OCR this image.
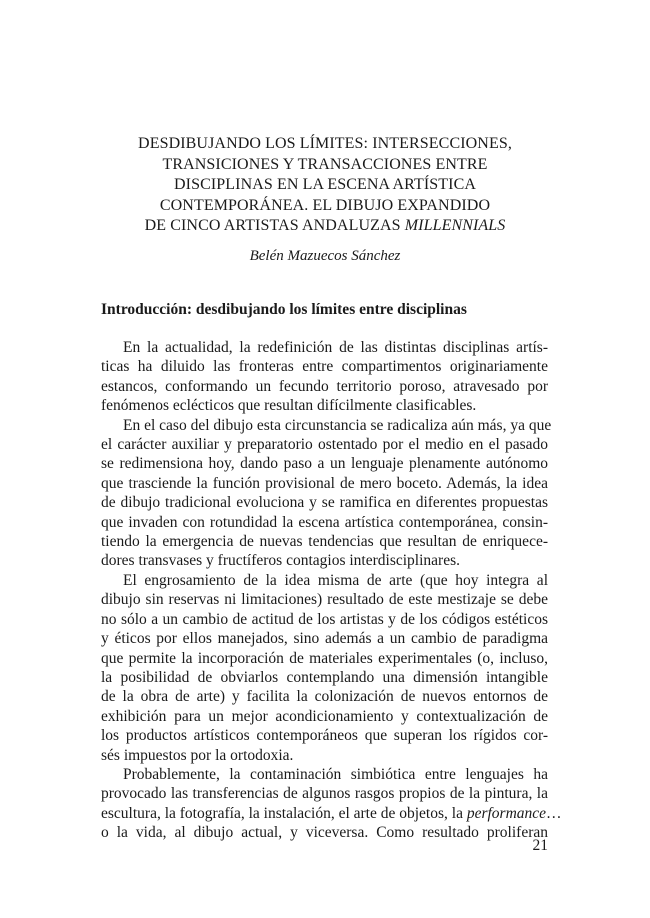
DESDIBUJANDO LOS LÍMITES: INTERSECCIONES,
TRANSICIONES Y TRANSACCIONES ENTRE
DISCIPLINAS EN LA ESCENA ARTÍSTICA
CONTEMPORÁNEA. EL DIBUJO EXPANDIDO
DE CINCO ARTISTAS ANDALUZAS MILLENNIALS
Belén Mazuecos Sánchez
Introducción: desdibujando los límites entre disciplinas

En la actualidad, la redefinición de las distintas disciplinas artís-
ticas ha diluido las fronteras entre compartimentos originariamente
estancos, conformando un fecundo territorio poroso, atravesado por
fenómenos eclécticos que resultan difícilmente clasificables.

En el caso del dibujo esta circunstancia se radicaliza aún más, ya que
el carácter auxiliar y preparatorio ostentado por el medio en el pasado
se redimensiona hoy, dando paso a un lenguaje plenamente autónomo
que trasciende la función provisional de mero boceto. Además, la idea
de dibujo tradicional evoluciona y se ramifica en diferentes propuestas
que invaden con rotundidad la escena artística contemporánea, consin-
tiendo la emergencia de nuevas tendencias que resultan de enriquece-
dores transvases y fructíferos contagios interdisciplinares.

El engrosamiento de la idea misma de arte (que hoy integra al
dibujo sin reservas ni limitaciones) resultado de este mestizaje se debe
no sólo a un cambio de actitud de los artistas y de los códigos estéticos
y éticos por ellos manejados, sino además a un cambio de paradigma
que permite la incorporación de materiales experimentales (o, incluso,
la posibilidad de obviarlos contemplando una dimensión intangible
de la obra de arte) y facilita la colonización de nuevos entornos de
exhibición para un mejor acondicionamiento y contextualización de
los productos artísticos contemporáneos que superan los rígidos cor-
sés impuestos por la ortodoxia.

Probablemente, la contaminación simbiótica entre lenguajes ha
provocado las transferencias de algunos rasgos propios de la pintura, la
escultura, la fotografía, la instalación, el arte de objetos, la performance…
o la vida, al dibujo actual, y viceversa. Como resultado proliferan

21
